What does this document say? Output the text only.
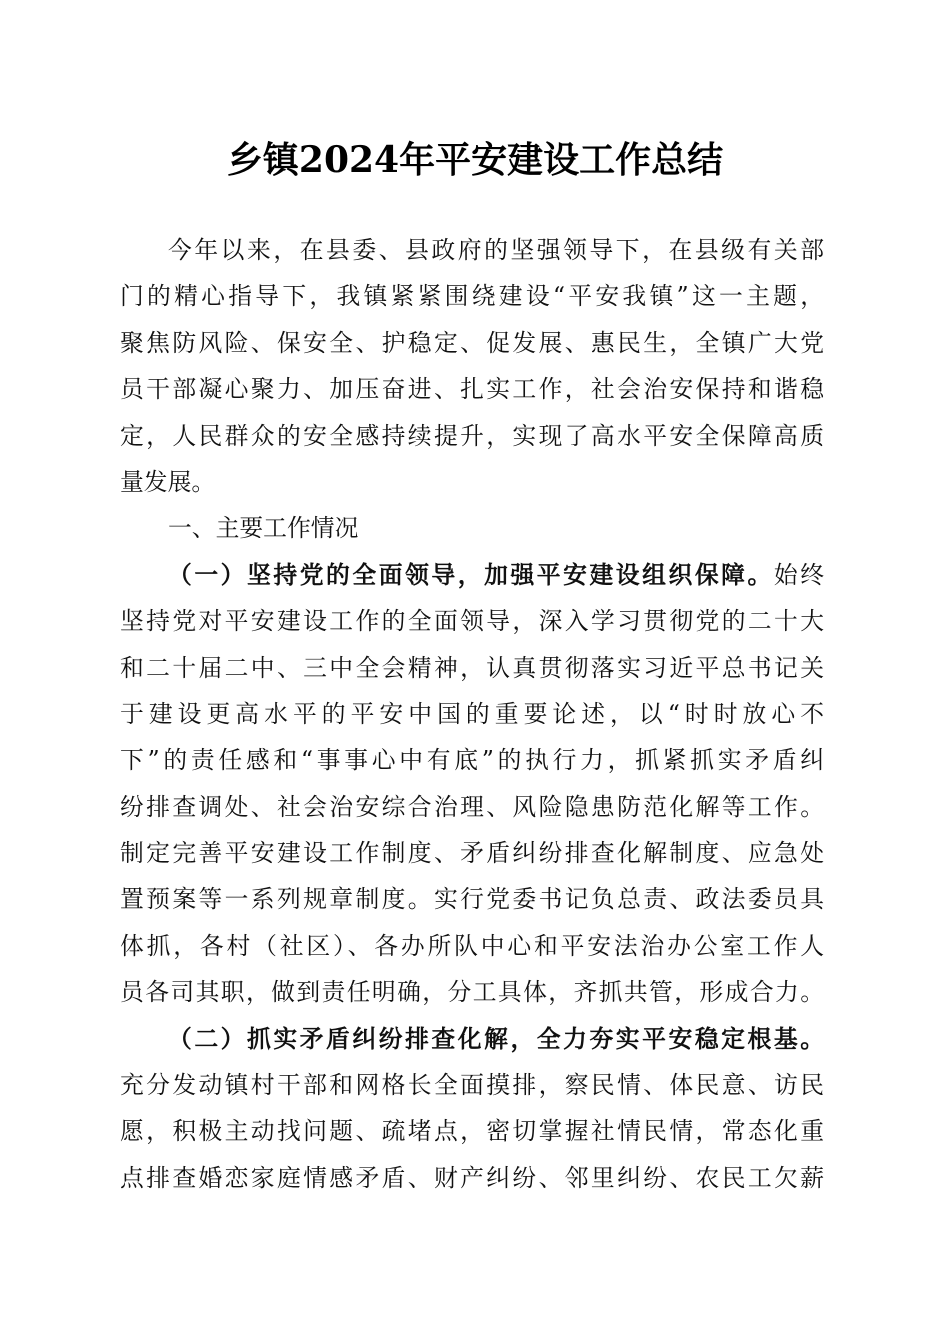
乡镇2024年平安建设工作总结
今年以来，在县委、县政府的坚强领导下，在县级有关部
门的精心指导下，我镇紧紧围绕建设“平安我镇”这一主题，
聚焦防风险、保安全、护稳定、促发展、惠民生，全镇广大党
员干部凝心聚力、加压奋进、扎实工作，社会治安保持和谐稳
定，人民群众的安全感持续提升，实现了高水平安全保障高质
量发展。
一、主要工作情况
（一）坚持党的全面领导，加强平安建设组织保障。始终
坚持党对平安建设工作的全面领导，深入学习贯彻党的二十大
和二十届二中、三中全会精神，认真贯彻落实习近平总书记关
于建设更高水平的平安中国的重要论述，以“时时放心不
下”的责任感和“事事心中有底”的执行力，抓紧抓实矛盾纠
纷排查调处、社会治安综合治理、风险隐患防范化解等工作。
制定完善平安建设工作制度、矛盾纠纷排查化解制度、应急处
置预案等一系列规章制度。实行党委书记负总责、政法委员具
体抓，各村（社区）、各办所队中心和平安法治办公室工作人
员各司其职，做到责任明确，分工具体，齐抓共管，形成合力。
（二）抓实矛盾纠纷排查化解，全力夯实平安稳定根基。
充分发动镇村干部和网格长全面摸排，察民情、体民意、访民
愿，积极主动找问题、疏堵点，密切掌握社情民情，常态化重
点排查婚恋家庭情感矛盾、财产纠纷、邻里纠纷、农民工欠薪
